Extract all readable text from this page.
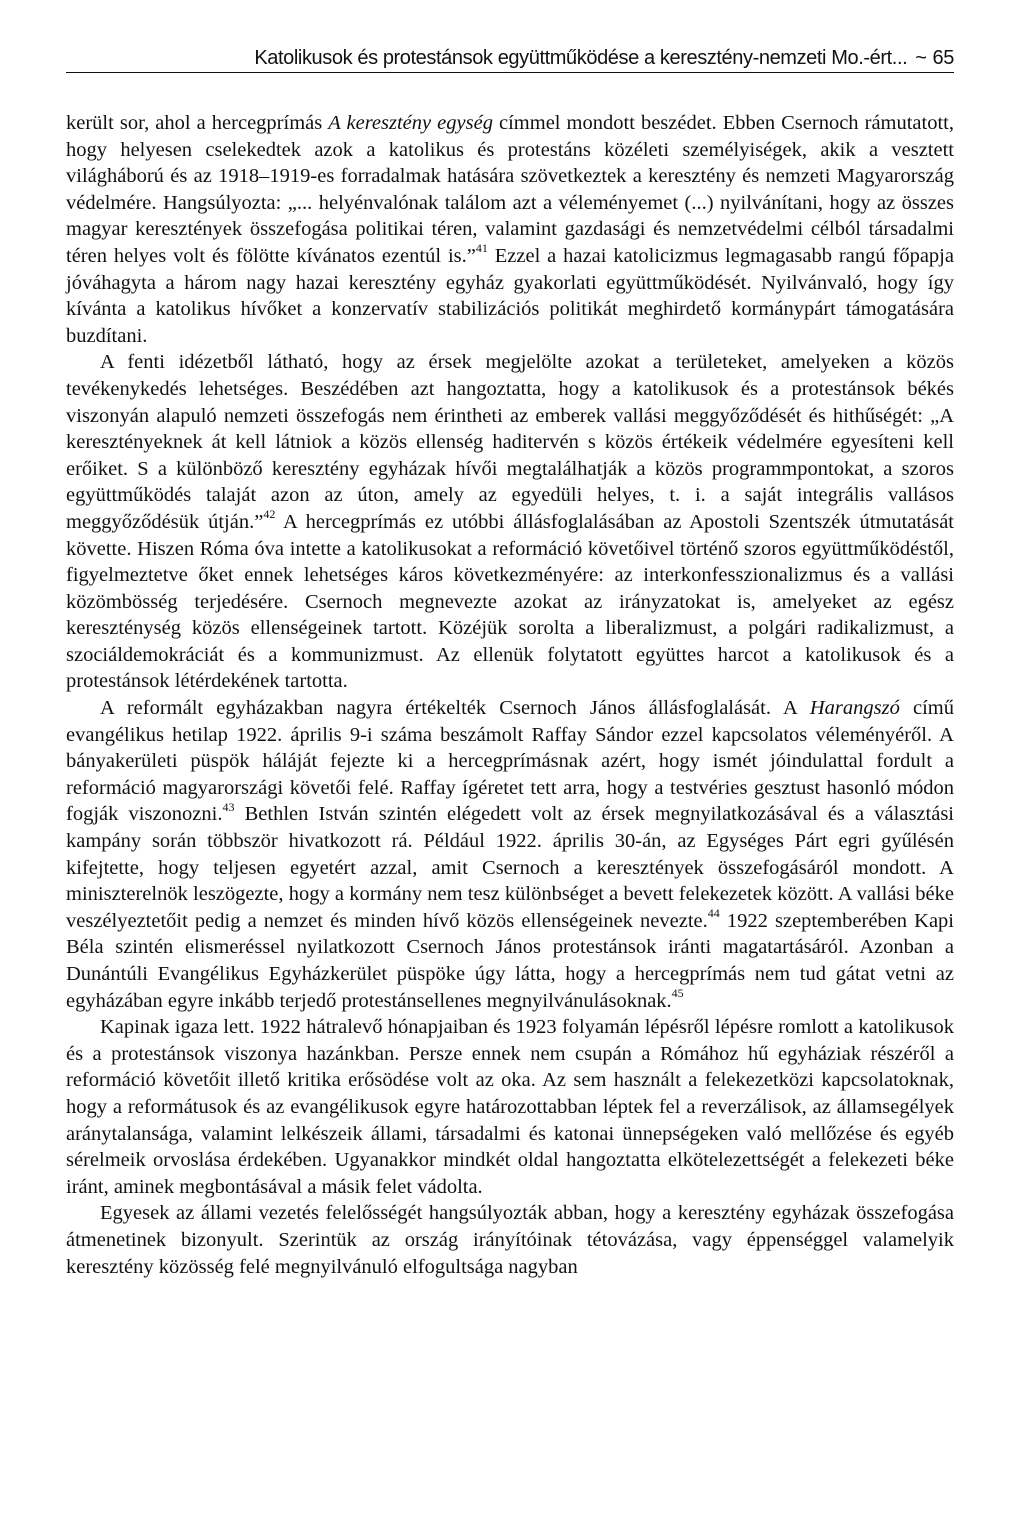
Katolikusok és protestánsok együttműködése a keresztény-nemzeti Mo.-ért... ~ 65

került sor, ahol a hercegprímás A keresztény egység címmel mondott beszédet. Ebben Csernoch rámutatott, hogy helyesen cselekedtek azok a katolikus és protestáns közéleti személyiségek, akik a vesztett világháború és az 1918–1919-es forradalmak hatására szövetkeztek a keresztény és nemzeti Magyarország védelmére. Hangsúlyozta: „... helyénvalónak találom azt a véleményemet (...) nyilvánítani, hogy az összes magyar keresztények összefogása politikai téren, valamint gazdasági és nemzetvédelmi célból társadalmi téren helyes volt és fölötte kívánatos ezentúl is.”$^{41}$ Ezzel a hazai katolicizmus legmagasabb rangú főpapja jóváhagyta a három nagy hazai keresztény egyház gyakorlati együttműködését. Nyilvánvaló, hogy így kívánta a katolikus hívőket a konzervatív stabilizációs politikát meghirdető kormánypárt támogatására buzdítani.

A fenti idézetből látható, hogy az érsek megjelölte azokat a területeket, amelyeken a közös tevékenykedés lehetséges. Beszédében azt hangoztatta, hogy a katolikusok és a protestánsok békés viszonyán alapuló nemzeti összefogás nem érintheti az emberek vallási meggyőződését és hithűségét: „A keresztényeknek át kell látniok a közös ellenség haditervén s közös értékeik védelmére egyesíteni kell erőiket. S a különböző keresztény egyházak hívői megtalálhatják a közös programmpontokat, a szoros együttműködés talaját azon az úton, amely az egyedüli helyes, t. i. a saját integrális vallásos meggyőződésük útján.”$^{42}$ A hercegprímás ez utóbbi állásfoglalásában az Apostoli Szentszék útmutatását követte. Hiszen Róma óva intette a katolikusokat a reformáció követőivel történő szoros együttműködéstől, figyelmeztetve őket ennek lehetséges káros következményére: az interkonfesszionalizmus és a vallási közömbösség terjedésére. Csernoch megnevezte azokat az irányzatokat is, amelyeket az egész kereszténység közös ellenségeinek tartott. Közéjük sorolta a liberalizmust, a polgári radikalizmust, a szociáldemokráciát és a kommunizmust. Az ellenük folytatott együttes harcot a katolikusok és a protestánsok létérdekének tartotta.

A reformált egyházakban nagyra értékelték Csernoch János állásfoglalását. A Harangszó című evangélikus hetilap 1922. április 9-i száma beszámolt Raffay Sándor ezzel kapcsolatos véleményéről. A bányakerületi püspök háláját fejezte ki a hercegprímásnak azért, hogy ismét jóindulattal fordult a reformáció magyarországi követői felé. Raffay ígéretet tett arra, hogy a testvéries gesztust hasonló módon fogják viszonozni.$^{43}$ Bethlen István szintén elégedett volt az érsek megnyilatkozásával és a választási kampány során többször hivatkozott rá. Például 1922. április 30-án, az Egységes Párt egri gyűlésén kifejtette, hogy teljesen egyetért azzal, amit Csernoch a keresztények összefogásáról mondott. A miniszterelnök leszögezte, hogy a kormány nem tesz különbséget a bevett felekezetek között. A vallási béke veszélyeztetőit pedig a nemzet és minden hívő közös ellenségeinek nevezte.$^{44}$ 1922 szeptemberében Kapi Béla szintén elismeréssel nyilatkozott Csernoch János protestánsok iránti magatartásáról. Azonban a Dunántúli Evangélikus Egyházkerület püspöke úgy látta, hogy a hercegprímás nem tud gátat vetni az egyházában egyre inkább terjedő protestánsellenes megnyilvánulásoknak.$^{45}$

Kapinak igaza lett. 1922 hátralevő hónapjaiban és 1923 folyamán lépésről lépésre romlott a katolikusok és a protestánsok viszonya hazánkban. Persze ennek nem csupán a Rómához hű egyháziak részéről a reformáció követőit illető kritika erősödése volt az oka. Az sem használt a felekezetközi kapcsolatoknak, hogy a reformátusok és az evangélikusok egyre határozottabban léptek fel a reverzálisok, az államsegélyek aránytalansága, valamint lelkészeik állami, társadalmi és katonai ünnepségeken való mellőzése és egyéb sérelmeik orvoslása érdekében. Ugyanakkor mindkét oldal hangoztatta elkötelezettségét a felekezeti béke iránt, aminek megbontásával a másik felet vádolta.

Egyesek az állami vezetés felelősségét hangsúlyozták abban, hogy a keresztény egyházak összefogása átmenetinek bizonyult. Szerintük az ország irányítóinak tétovázása, vagy éppenséggel valamelyik keresztény közösség felé megnyilvánuló elfogultsága nagyban
